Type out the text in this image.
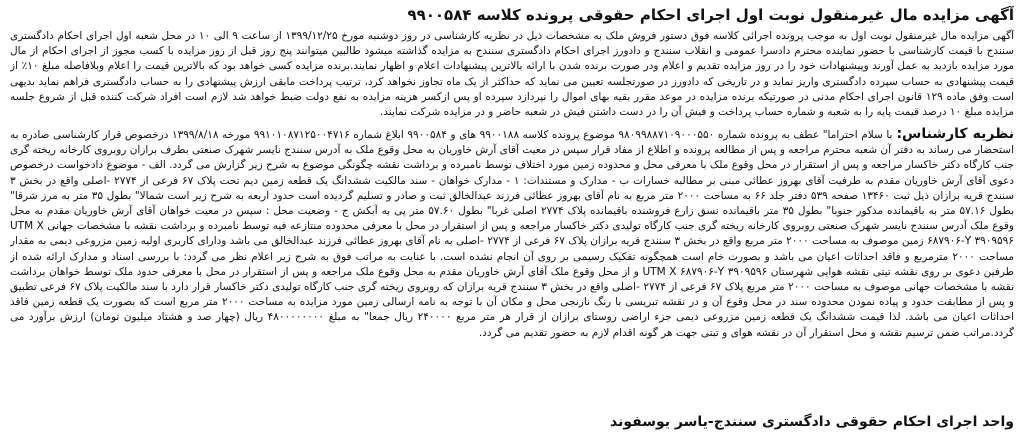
آگهی مزایده مال غیرمنقول نوبت اول اجرای احکام حقوقی پرونده کلاسه ۹۹۰۰۵۸۴

آگهی مزایده مال غیرمنقول نوبت اول به موجب پرونده اجرائی کلاسه فوق دستور فروش ملک به مشخصات ذیل در نظریه کارشناسی در روز دوشنبه مورخ ۱۳۹۹/۱۲/۲۵ از ساعت ۹ الی ۱۰ در محل شعبه اول اجرای احکام دادگستری سنندج با قیمت کارشناسی با حضور نماینده محترم دادسرا عمومی و انقلاب سنندج و دادورز اجرای احکام دادگستری سنندج به مزایده گذاشته میشود طالبین میتوانند پنج روز قبل از روز مزایده با کسب مجوز از اجرای احکام از مال مورد مزایده بازدید به عمل آورند وپیشنهادات خود را در روز مزایده تقدیم و اعلام ودر صورت برنده شدن با ارائه بالاترین پیشنهادات اعلام و اظهار نمایند.برنده مزایده کسی خواهد بود که بالاترین قیمت را اعلام وبلافاصله مبلغ ۱۰٪ از قیمت پیشنهادی به حساب سپرده دادگستری واریز نماید و در تاریخی که دادورز در صورتجلسه تعیین می نماید که حداکثر از یک ماه تجاوز نخواهد کرد، ترتیب پرداخت مابقی ارزش پیشنهادی را به حساب دادگستری فراهم نماید بدیهی است وفق ماده ۱۲۹ قانون اجرای احکام مدنی در صورتیکه برنده مزایده در موعد مقرر بقیه بهای اموال را نپردازد سپرده او پس ازکسر هزینه مزایده به نفع دولت ضبط خواهد شد لازم است افراد شرکت کننده قبل از شروع جلسه مزایده مبلغ ۱۰ درصد قیمت پایه را به شعبه و شماره حساب پرداخت و فیش آن را در دست داشتن فیش در شعبه حاضر و در مزایده شرکت نمایند.

نظریه کارشناس:با سلام احتراما" عطف به پرونده شماره ۹۸۰۹۹۸۸۷۱۰۹۰۰۰۵۵۰ موضوع پرونده کلاسه ۹۹۰۰۱۸۸ های و ۹۹۰۰۵۸۴ ابلاغ شماره ۹۹۱۰۱۰۸۷۱۲۵۰۰۴۷۱۶ مورخه ۱۳۹۹/۸/۱۸ درخصوص قرار کارشناسی صادره به استحضار می رساند به دفتر آن شعبه محترم مراجعه و پس از مطالعه پرونده و اطلاع از مفاد قرار سپس در معیت آقای آرش خاوریان به محل وقوع ملک به آدرس سنندج نایسر شهرک صنعتی بطرف برازان روبروی کارخانه ریخته گری جنب کارگاه دکتر خاکسار مراجعه و پس از استقرار در محل وقوع ملک با معرفی محل و محدوده زمین مورد اختلاف توسط نامبرده و برداشت نقشه چگونگی موضوع به شرح زیر گزارش می گردد. الف - موضوع دادخواست درخصوص دعوی آقای آرش خاوریان مقدم به طرفیت آقای بهروز عطائی مبنی بر مطالبه خسارات ب - مدارک و مستندات: ۱ - مدارک خواهان - سند مالکیت ششدانگ یک قطعه زمین دیم تحت پلاک ۶۷ فرعی از ۲۷۷۴ -اصلی واقع در بخش ۳ سنندج قریه برازان ذیل ثبت ۱۳۴۶۰ صفحه ۵۳۹ دفتر جلد ۶۶ به مساحت ۲۰۰۰ متر مربع به نام آقای بهروز عطائی فرزند عبدالخالق ثبت و صادر و تسلیم گردیده است حدود اربعه به شرح زیر است شمالا" بطول ۳۵ متر به مرز شرقا" بطول ۵۷.۱۶ متر به باقیمانده مذکور جنوبا" بطول ۳۵ متر باقیمانده نسق زارع فروشنده باقیمانده پلاک ۲۷۷۴ اصلی غربا" بطول ۵۷.۶۰ متر پی به آبکش ج - وضعیت محل : سپس در معیت خواهان آقای آرش خاوریان مقدم به محل وقوع ملک آدرس سنندج نایسر شهرک صنعتی روبروی کارخانه ریخته گری جنب کارگاه تولیدی دکتر خاکسار مراجعه و پس از استقرار در محل با معرفی محدوده منتازعه فیه توسط نامبرده و برداشت نقشه با مشخصات جهانی UTM X ۶۸۷۹۰۶-Y ۳۹۰۹۵۹۶ زمین موصوف به مساحت ۲۰۰۰ متر مربع واقع در بخش ۳ سنندج قریه برازان پلاک ۶۷ فرعی از ۲۷۷۴ -اصلی به نام آقای بهروز عطائی فرزند عبدالخالق می باشد ودارای کاربری اولیه زمین مزروعی دیمی به مقدار مساحت ۲۰۰۰ مترمربع و فاقد احداثات اعیان می باشد و بصورت خام است همچگونه تفکیک رسیمی بر روی آن انجام نشده است. با عنایت به مراتب فوق به شرح زیر اعلام نظر می گردد: با بررسی اسناد و مدارک ارائه شده از طرفین دعوی بر روی نقشه تیتی نقشه هوایی شهرستان UTM X ۶۸۷۹۰۶-Y ۳۹۰۹۵۹۶ و از محل وقوع ملک آقای آرش خاوریان مقدم به محل وقوع ملک مراجعه و پس از استقرار در محل با معرفی حدود ملک توسط خواهان برداشت نقشه با مشخصات جهانی موصوف به مساحت ۲۰۰۰ متر مربع پلاک ۶۷ فرعی از ۲۷۷۴ -اصلی واقع در بخش ۳ سنندج قریه برازان که روبروی ریخته گری جنب کارگاه تولیدی دکتر خاکسار قرار دارد با سند مالکیت پلاک ۶۷ فرعی تطبیق و پس از مطابقت حدود و پیاده نمودن محدوده سند در محل وقوع آن و در نقشه تبریسی با رنگ نارنجی محل و مکان آن با توجه به نامه ارسالی زمین مورد مزایده به مساحت ۲۰۰۰ متر مربع است که بصورت یک قطعه زمین فاقد احداثات اعیان می باشد. لذا قیمت ششدانگ یک قطعه زمین مزروعی دیمی جزء اراضی روستای برازان از قرار هر متر مربع ۲۴۰۰۰۰ ریال جمعا" به مبلغ ۴۸۰۰۰۰۰۰۰۰ ریال (چهار صد و هشتاد میلیون تومان) ارزش برآورد می گردد.مراتب ضمن ترسیم نقشه و محل استقرار آن در نقشه هوای و تبتی جهت هر گونه اقدام لازم به حضور تقدیم می گردد.

واحد اجرای احکام حقوقی دادگستری سنندج-یاسر یوسفوند
